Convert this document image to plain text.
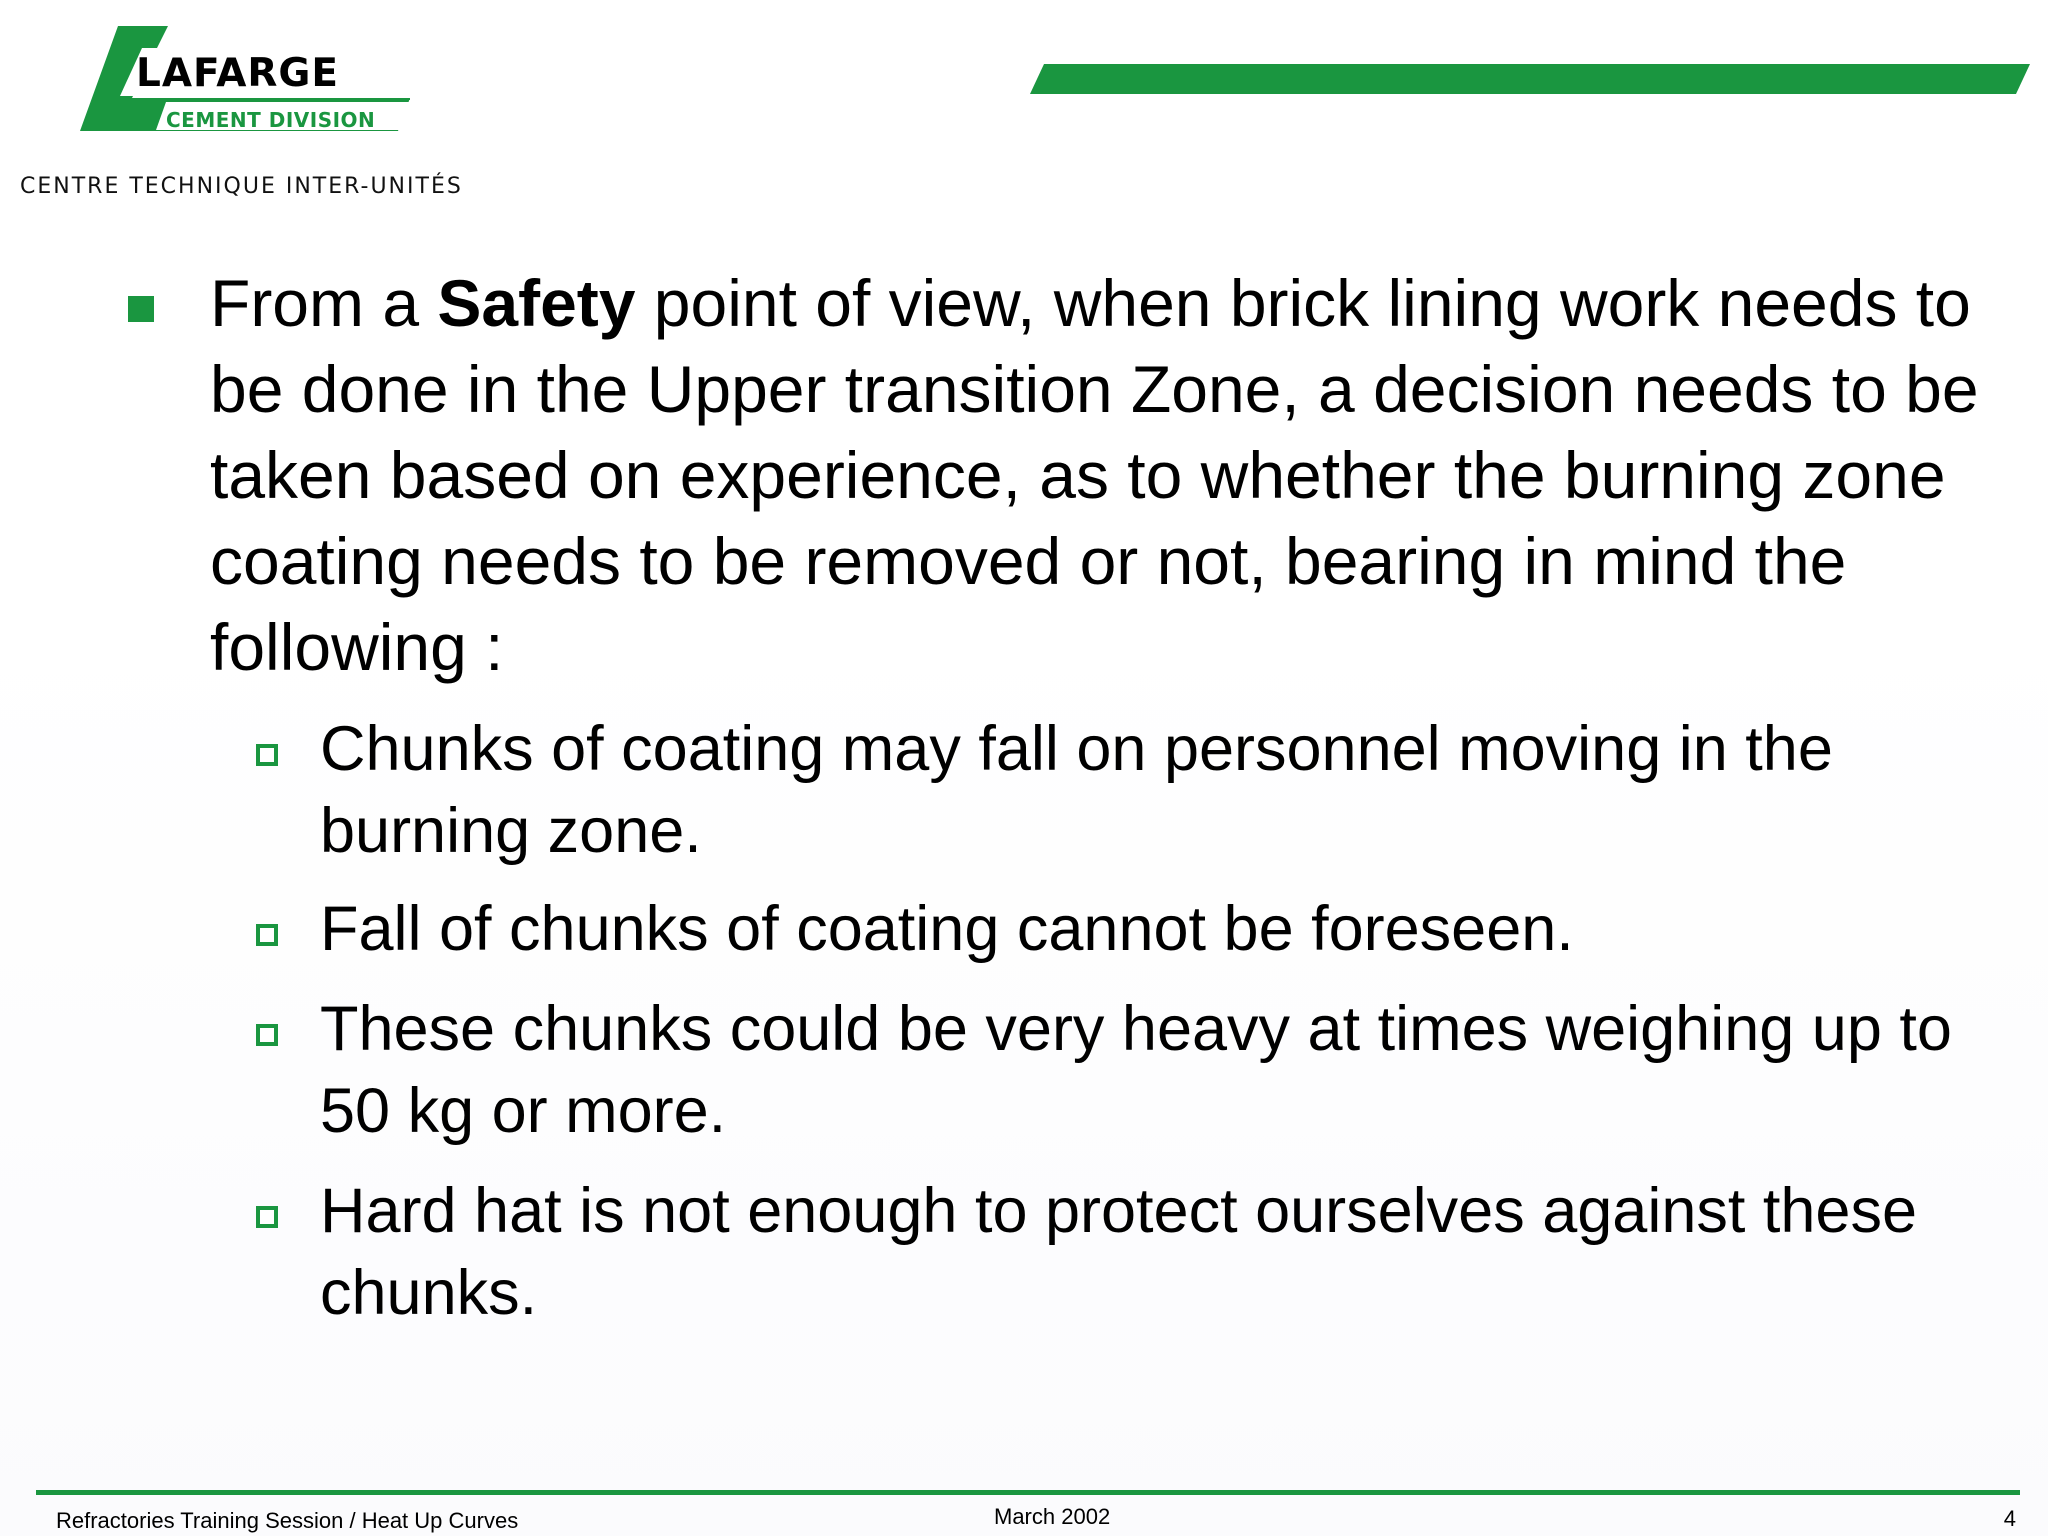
LAFARGE
CEMENT DIVISION
CENTRE TECHNIQUE INTER-UNITÉS
From a Safety point of view, when brick lining work needs to be done in the Upper transition Zone, a decision needs to be taken based on experience, as to whether the burning zone coating needs to be removed or not, bearing in mind the following :
Chunks of coating may fall on personnel moving in the burning zone.
Fall of chunks of coating cannot be foreseen.
These chunks could be very heavy at times weighing up to 50 kg or more.
Hard hat is not enough to protect ourselves against these chunks.
Refractories Training Session / Heat Up Curves	March 2002	4
